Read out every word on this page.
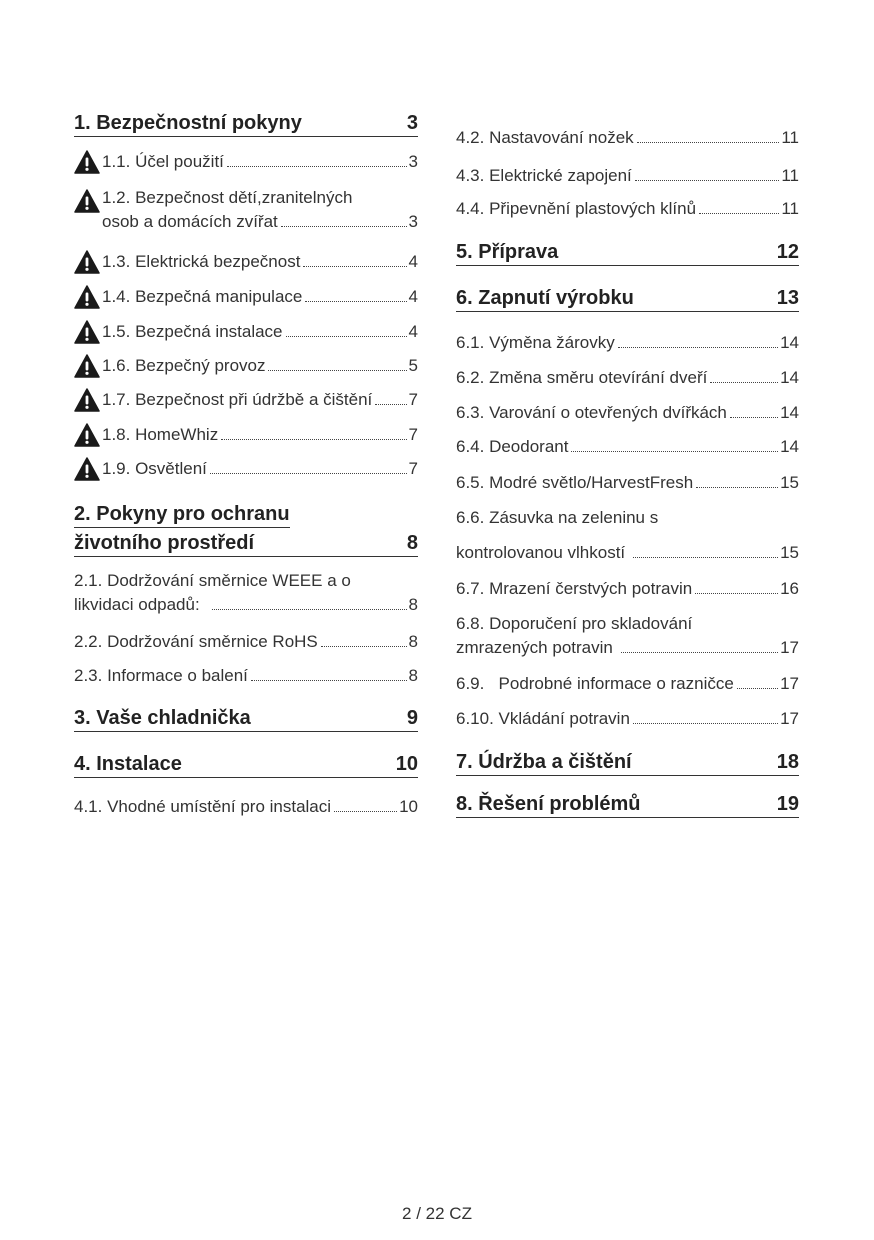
1. Bezpečnostní pokyny	3
1.1. Účel použití	3
1.2. Bezpečnost dětí,zranitelných
osob a domácích zvířat	3
1.3. Elektrická bezpečnost	4
1.4. Bezpečná manipulace	4
1.5. Bezpečná instalace	4
1.6. Bezpečný provoz	5
1.7. Bezpečnost při údržbě a čištění 7
1.8. HomeWhiz	7
1.9. Osvětlení	7
2. Pokyny pro ochranu
životního prostředí	8
2.1. Dodržování směrnice WEEE a o
likvidaci odpadů:	8
2.2. Dodržování směrnice RoHS	8
2.3. Informace o balení	8
3. Vaše chladnička	9
4. Instalace	10
4.1. Vhodné umístění pro instalaci	10
4.2. Nastavování nožek	11
4.3. Elektrické zapojení	11
4.4. Připevnění plastových klínů	11
5. Příprava	12
6. Zapnutí výrobku	13
6.1. Výměna žárovky	14
6.2. Změna směru otevírání dveří	14
6.3. Varování o otevřených dvířkách	14
6.4. Deodorant	14
6.5. Modré světlo/HarvestFresh	15
6.6. Zásuvka na zeleninu s
kontrolovanou vlhkostí	15
6.7. Mrazení čerstvých potravin	16
6.8. Doporučení pro skladování
zmrazených potravin	17
6.9.   Podrobné informace o razničce	17
6.10. Vkládání potravin	17
7. Údržba a čištění	18
8. Řešení problémů	19
2 / 22 CZ
